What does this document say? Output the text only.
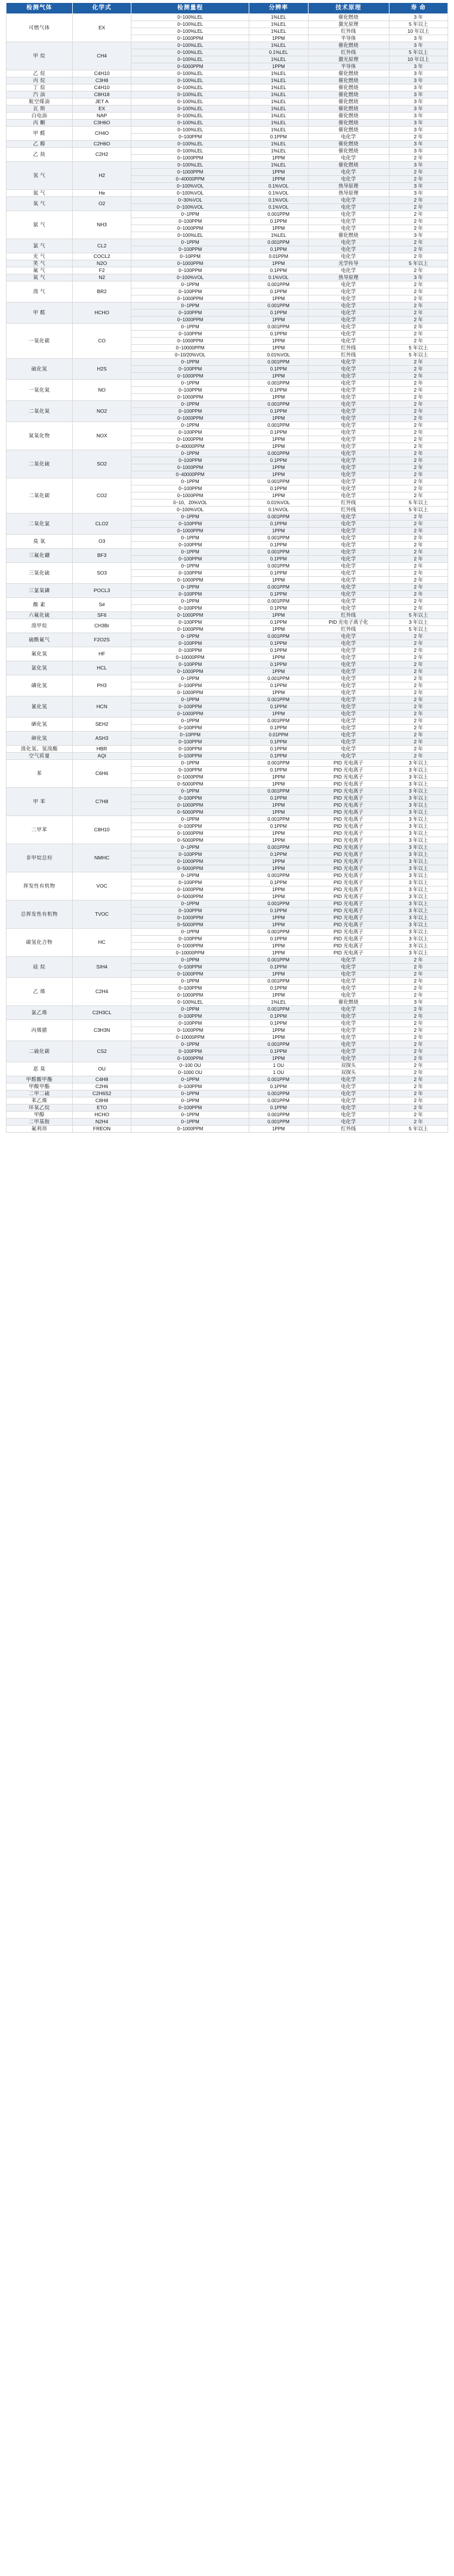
检测气体	化学式	检测量程	分辨率	技术原理	寿 命
可燃气体	EX	0~100%LEL	1%LEL	催化燃烧	3 年
		0~100%LEL	1%LEL	激光原理	5 年以上
		0~100%LEL	1%LEL	红外线	10 年以上
		0~1000PPM	1PPM	半导体	3 年
甲 烷	CH4	0~100%LEL	1%LEL	催化燃烧	3 年
		0~100%LEL	0.1%LEL	红外线	5 年以上
		0~100%LEL	1%LEL	激光原理	10 年以上
		0~5000PPM	1PPM	半导体	3 年
乙 烷	C4H10	0~100%LEL	1%LEL	催化燃烧	3 年
丙 烷	C3H8	0~100%LEL	1%LEL	催化燃烧	3 年
丁 烷	C4H10	0~100%LEL	1%LEL	催化燃烧	3 年
汽 油	C8H18	0~100%LEL	1%LEL	催化燃烧	3 年
航空煤油	JET A	0~100%LEL	1%LEL	催化燃烧	3 年
瓦 斯	EX	0~100%LEL	1%LEL	催化燃烧	3 年
白电油	NAP	0~100%LEL	1%LEL	催化燃烧	3 年
丙 酮	C3H6O	0~100%LEL	1%LEL	催化燃烧	3 年
甲 醛	CH4O	0~100%LEL	1%LEL	催化燃烧	3 年
		0~100PPM	0.1PPM	电化学	2 年
乙 醇	C2H6O	0~100%LEL	1%LEL	催化燃烧	3 年
乙 炔	C2H2	0~100%LEL	1%LEL	催化燃烧	3 年
		0~1000PPM	1PPM	电化学	2 年
氢 气	H2	0~100%LEL	1%LEL	催化燃烧	3 年
		0~1000PPM	1PPM	电化学	2 年
		0~40000PPM	1PPM	电化学	2 年
		0~100%VOL	0.1%VOL	热导原理	3 年
氦 气	He	0~100%VOL	0.1%VOL	热导原理	3 年
氧 气	O2	0~30%VOL	0.1%VOL	电化学	2 年
		0~100%VOL	0.1%VOL	电化学	2 年
氨 气	NH3	0~1PPM	0.001PPM	电化学	2 年
		0~100PPM	0.1PPM	电化学	2 年
		0~1000PPM	1PPM	电化学	2 年
		0~100%LEL	1%LEL	催化燃烧	3 年
氯 气	CL2	0~1PPM	0.001PPM	电化学	2 年
		0~100PPM	0.1PPM	电化学	2 年
光 气	COCL2	0~10PPM	0.01PPM	电化学	2 年
笑 气	N2O	0~1000PPM	1PPM	光学传导	5 年以上
氟 气	F2	0~100PPM	0.1PPM	电化学	2 年
氮 气	N2	0~100%VOL	0.1%VOL	热导原理	3 年
溴 气	BR2	0~1PPM	0.001PPM	电化学	2 年
		0~100PPM	0.1PPM	电化学	2 年
		0~1000PPM	1PPM	电化学	2 年
甲 醛	HCHO	0~1PPM	0.001PPM	电化学	2 年
		0~100PPM	0.1PPM	电化学	2 年
		0~1000PPM	1PPM	电化学	2 年
一氧化碳	CO	0~1PPM	0.001PPM	电化学	2 年
		0~100PPM	0.1PPM	电化学	2 年
		0~1000PPM	1PPM	电化学	2 年
		0~10000PPM	1PPM	红外线	5 年以上
		0~10/20%VOL	0.01%VOL	红外线	5 年以上
硫化氢	H2S	0~1PPM	0.001PPM	电化学	2 年
		0~100PPM	0.1PPM	电化学	2 年
		0~1000PPM	1PPM	电化学	2 年
一氧化氮	NO	0~1PPM	0.001PPM	电化学	2 年
		0~100PPM	0.1PPM	电化学	2 年
		0~1000PPM	1PPM	电化学	2 年
二氧化氮	NO2	0~1PPM	0.001PPM	电化学	2 年
		0~100PPM	0.1PPM	电化学	2 年
		0~1000PPM	1PPM	电化学	2 年
氮氧化物	NOX	0~1PPM	0.001PPM	电化学	2 年
		0~100PPM	0.1PPM	电化学	2 年
		0~1000PPM	1PPM	电化学	2 年
		0~40000PPM	1PPM	电化学	2 年
二氧化硫	SO2	0~1PPM	0.001PPM	电化学	2 年
		0~100PPM	0.1PPM	电化学	2 年
		0~1000PPM	1PPM	电化学	2 年
		0~40000PPM	1PPM	电化学	2 年
二氧化碳	CO2	0~1PPM	0.001PPM	电化学	2 年
		0~100PPM	0.1PPM	电化学	2 年
		0~1000PPM	1PPM	电化学	2 年
		0~10、20%VOL	0.01%VOL	红外线	5 年以上
		0~100%VOL	0.1%VOL	红外线	5 年以上
二氧化氯	CLO2	0~1PPM	0.001PPM	电化学	2 年
		0~100PPM	0.1PPM	电化学	2 年
		0~1000PPM	1PPM	电化学	2 年
臭 氧	O3	0~1PPM	0.001PPM	电化学	2 年
		0~100PPM	0.1PPM	电化学	2 年
三氟化硼	BF3	0~1PPM	0.001PPM	电化学	2 年
		0~100PPM	0.1PPM	电化学	2 年
三氧化硫	SO3	0~1PPM	0.001PPM	电化学	2 年
		0~100PPM	0.1PPM	电化学	2 年
		0~1000PPM	1PPM	电化学	2 年
三氯氧磷	POCL3	0~1PPM	0.001PPM	电化学	2 年
		0~100PPM	0.1PPM	电化学	2 年
酸 素	S#	0~1PPM	0.001PPM	电化学	2 年
		0~100PPM	0.1PPM	电化学	2 年
六氟化硫	SF6	0~1000PPM	1PPM	红外线	5 年以上
溴甲烷	CH3Br	0~100PPM	0.1PPM	PID 光电子离子化	3 年以上
		0~1000PPM	1PPM	红外线	5 年以上
硫酰氟气	F2O2S	0~1PPM	0.001PPM	电化学	2 年
		0~100PPM	0.1PPM	电化学	2 年
氟化氢	HF	0~100PPM	0.1PPM	电化学	2 年
		0~10000PPM	1PPM	电化学	2 年
氯化氢	HCL	0~100PPM	0.1PPM	电化学	2 年
		0~1000PPM	1PPM	电化学	2 年
磷化氢	PH3	0~1PPM	0.001PPM	电化学	2 年
		0~100PPM	0.1PPM	电化学	2 年
		0~1000PPM	1PPM	电化学	2 年
氰化氢	HCN	0~1PPM	0.001PPM	电化学	2 年
		0~100PPM	0.1PPM	电化学	2 年
		0~1000PPM	1PPM	电化学	2 年
硒化氢	SEH2	0~1PPM	0.001PPM	电化学	2 年
		0~100PPM	0.1PPM	电化学	2 年
砷化氢	ASH3	0~10PPM	0.01PPM	电化学	2 年
		0~100PPM	0.1PPM	电化学	2 年
溴化氢、氢溴酸	HBR	0~100PPM	0.1PPM	电化学	2 年
空气质量	AQI	0~100PPM	0.1PPM	电化学	2 年
苯	C6H6	0~1PPM	0.001PPM	PID 光电离子	3 年以上
		0~100PPM	0.1PPM	PID 光电离子	3 年以上
		0~1000PPM	1PPM	PID 光电离子	3 年以上
		0~5000PPM	1PPM	PID 光电离子	3 年以上
甲 苯	C7H8	0~1PPM	0.001PPM	PID 光电离子	3 年以上
		0~100PPM	0.1PPM	PID 光电离子	3 年以上
		0~1000PPM	1PPM	PID 光电离子	3 年以上
		0~5000PPM	1PPM	PID 光电离子	3 年以上
二甲苯	C8H10	0~1PPM	0.001PPM	PID 光电离子	3 年以上
		0~100PPM	0.1PPM	PID 光电离子	3 年以上
		0~1000PPM	1PPM	PID 光电离子	3 年以上
		0~5000PPM	1PPM	PID 光电离子	3 年以上
非甲烷总烃	NMHC	0~1PPM	0.001PPM	PID 光电离子	3 年以上
		0~100PPM	0.1PPM	PID 光电离子	3 年以上
		0~1000PPM	1PPM	PID 光电离子	3 年以上
		0~5000PPM	1PPM	PID 光电离子	3 年以上
挥发性有机物	VOC	0~1PPM	0.001PPM	PID 光电离子	3 年以上
		0~100PPM	0.1PPM	PID 光电离子	3 年以上
		0~1000PPM	1PPM	PID 光电离子	3 年以上
		0~5000PPM	1PPM	PID 光电离子	3 年以上
总挥发性有机物	TVOC	0~1PPM	0.001PPM	PID 光电离子	3 年以上
		0~100PPM	0.1PPM	PID 光电离子	3 年以上
		0~1000PPM	1PPM	PID 光电离子	3 年以上
		0~5000PPM	1PPM	PID 光电离子	3 年以上
碳氢化合物	HC	0~1PPM	0.001PPM	PID 光电离子	3 年以上
		0~100PPM	0.1PPM	PID 光电离子	3 年以上
		0~1000PPM	1PPM	PID 光电离子	3 年以上
		0~10000PPM	1PPM	PID 光电离子	3 年以上
硅 烷	SIH4	0~1PPM	0.001PPM	电化学	2 年
		0~100PPM	0.1PPM	电化学	2 年
		0~1000PPM	1PPM	电化学	2 年
乙 烯	C2H4	0~1PPM	0.001PPM	电化学	2 年
		0~100PPM	0.1PPM	电化学	2 年
		0~1000PPM	1PPM	电化学	2 年
		0~100%LEL	1%LEL	催化燃烧	3 年
氯乙烯	C2H3CL	0~1PPM	0.001PPM	电化学	2 年
		0~100PPM	0.1PPM	电化学	2 年
丙烯腈	C3H3N	0~100PPM	0.1PPM	电化学	2 年
		0~1000PPM	1PPM	电化学	2 年
		0~10000PPM	1PPM	电化学	2 年
二硫化碳	CS2	0~1PPM	0.001PPM	电化学	2 年
		0~100PPM	0.1PPM	电化学	2 年
		0~1000PPM	1PPM	电化学	2 年
恶 臭	OU	0~100 OU	1 OU	双探头	2 年
		0~1000 OU	1 OU	双探头	2 年
甲醛酸甲酯	C4H8	0~1PPM	0.001PPM	电化学	2 年
甲酸甲酯	C2H6	0~100PPM	0.1PPM	电化学	2 年
二甲二硫	C2H6S2	0~1PPM	0.001PPM	电化学	2 年
苯乙烯	C8H8	0~1PPM	0.001PPM	电化学	2 年
环氧乙烷	ETO	0~100PPM	0.1PPM	电化学	2 年
甲醇	HCHO	0~1PPM	0.001PPM	电化学	2 年
二甲基胺	N2H4	0~1PPM	0.001PPM	电化学	2 年
氟利昂	FREON	0~1000PPM	1PPM	红外线	5 年以上
